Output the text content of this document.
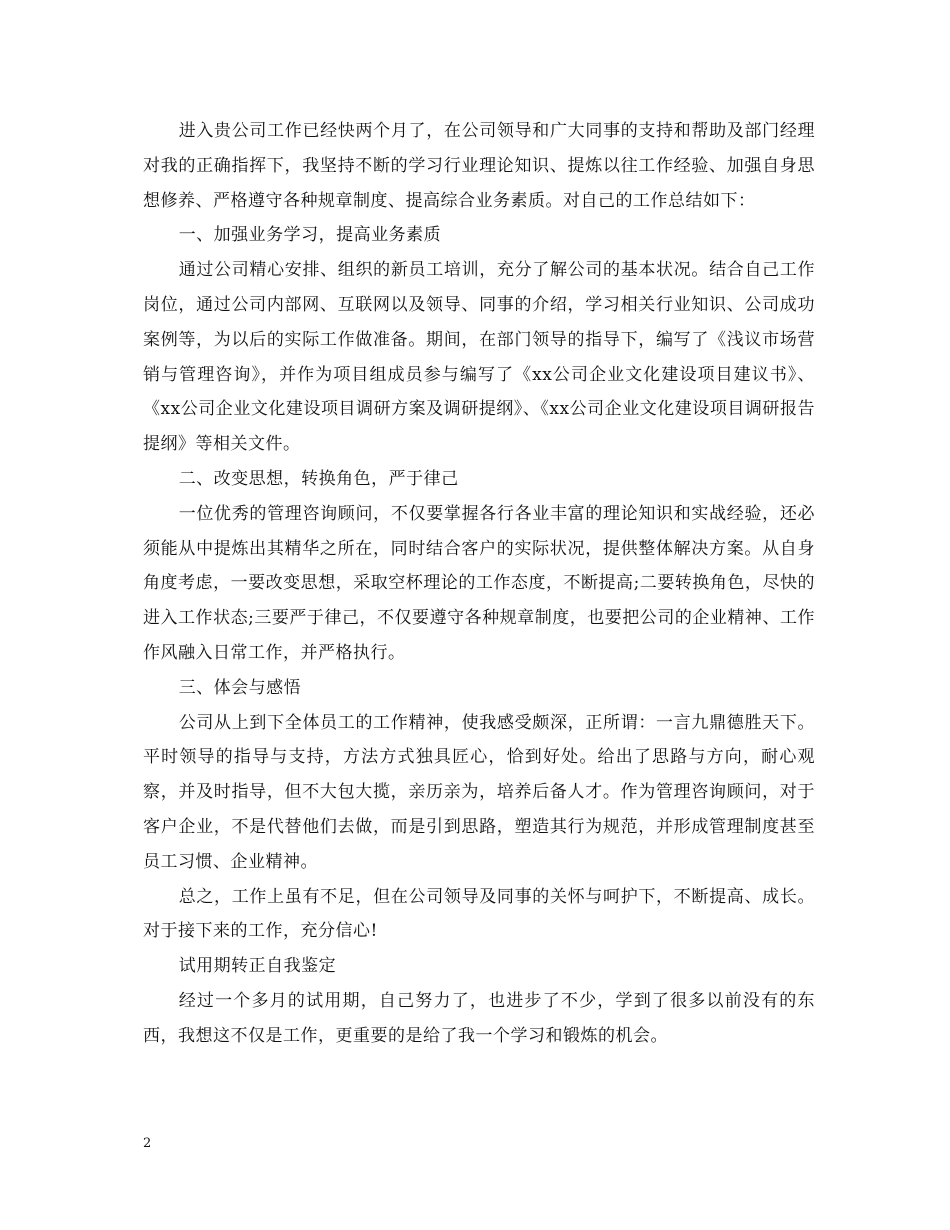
进入贵公司工作已经快两个月了，在公司领导和广大同事的支持和帮助及部门经理对我的正确指挥下，我坚持不断的学习行业理论知识、提炼以往工作经验、加强自身思想修养、严格遵守各种规章制度、提高综合业务素质。对自己的工作总结如下：

一、加强业务学习，提高业务素质

通过公司精心安排、组织的新员工培训，充分了解公司的基本状况。结合自己工作岗位，通过公司内部网、互联网以及领导、同事的介绍，学习相关行业知识、公司成功案例等，为以后的实际工作做准备。期间，在部门领导的指导下，编写了《浅议市场营销与管理咨询》，并作为项目组成员参与编写了《xx公司企业文化建设项目建议书》、《xx公司企业文化建设项目调研方案及调研提纲》、《xx公司企业文化建设项目调研报告提纲》等相关文件。

二、改变思想，转换角色，严于律己

一位优秀的管理咨询顾问，不仅要掌握各行各业丰富的理论知识和实战经验，还必须能从中提炼出其精华之所在，同时结合客户的实际状况，提供整体解决方案。从自身角度考虑，一要改变思想，采取空杯理论的工作态度，不断提高;二要转换角色，尽快的进入工作状态;三要严于律己，不仅要遵守各种规章制度，也要把公司的企业精神、工作作风融入日常工作，并严格执行。

三、体会与感悟

公司从上到下全体员工的工作精神，使我感受颇深，正所谓：一言九鼎德胜天下。平时领导的指导与支持，方法方式独具匠心，恰到好处。给出了思路与方向，耐心观察，并及时指导，但不大包大揽，亲历亲为，培养后备人才。作为管理咨询顾问，对于客户企业，不是代替他们去做，而是引到思路，塑造其行为规范，并形成管理制度甚至员工习惯、企业精神。

总之，工作上虽有不足，但在公司领导及同事的关怀与呵护下，不断提高、成长。对于接下来的工作，充分信心!

试用期转正自我鉴定

经过一个多月的试用期，自己努力了，也进步了不少，学到了很多以前没有的东西，我想这不仅是工作，更重要的是给了我一个学习和锻炼的机会。

2
